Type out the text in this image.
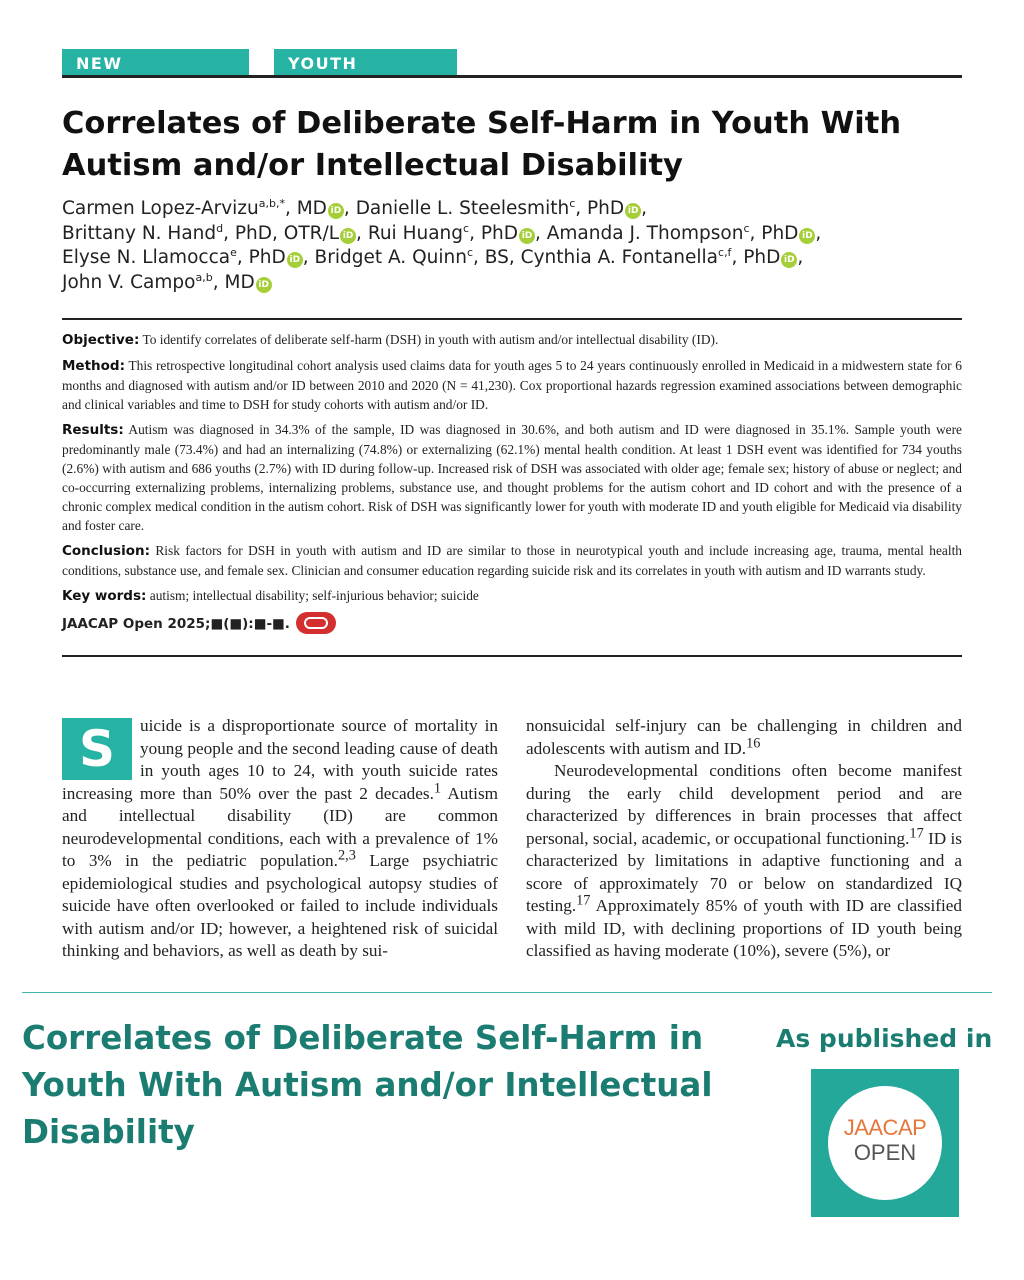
NEW RESEARCH
YOUTH SUICIDE
Correlates of Deliberate Self-Harm in Youth With Autism and/or Intellectual Disability
Carmen Lopez-Arvizu$^{a,b,*}$, MD iD , Danielle L. Steelesmith$^c$, PhD iD ,
Brittany N. Hand$^d$, PhD, OTR/L iD , Rui Huang$^c$, PhD iD , Amanda J. Thompson$^c$, PhD iD ,
Elyse N. Llamocca$^e$, PhD iD , Bridget A. Quinn$^c$, BS, Cynthia A. Fontanella$^{c,f}$, PhD iD ,
John V. Campo$^{a,b}$, MD iD

Objective: To identify correlates of deliberate self-harm (DSH) in youth with autism and/or intellectual disability (ID).

Method: This retrospective longitudinal cohort analysis used claims data for youth ages 5 to 24 years continuously enrolled in Medicaid in a midwestern state for 6 months and diagnosed with autism and/or ID between 2010 and 2020 (N = 41,230). Cox proportional hazards regression examined associations between demographic and clinical variables and time to DSH for study cohorts with autism and/or ID.

Results: Autism was diagnosed in 34.3% of the sample, ID was diagnosed in 30.6%, and both autism and ID were diagnosed in 35.1%. Sample youth were predominantly male (73.4%) and had an internalizing (74.8%) or externalizing (62.1%) mental health condition. At least 1 DSH event was identified for 734 youths (2.6%) with autism and 686 youths (2.7%) with ID during follow-up. Increased risk of DSH was associated with older age; female sex; history of abuse or neglect; and co-occurring externalizing problems, internalizing problems, substance use, and thought problems for the autism cohort and ID cohort and with the presence of a chronic complex medical condition in the autism cohort. Risk of DSH was significantly lower for youth with moderate ID and youth eligible for Medicaid via disability and foster care.

Conclusion: Risk factors for DSH in youth with autism and ID are similar to those in neurotypical youth and include increasing age, trauma, mental health conditions, substance use, and female sex. Clinician and consumer education regarding suicide risk and its correlates in youth with autism and ID warrants study.

Key words: autism; intellectual disability; self-injurious behavior; suicide

JAACAP Open 2025;■(■):■-■.

S	uicide is a disproportionate source of mortality in young people and the second leading cause of death in youth ages 10 to 24, with youth suicide rates increasing more than 50% over the past 2 decades.$^1$ Autism and intellectual disability (ID) are common neurodevelopmental conditions, each with a prevalence of 1% to 3% in the pediatric population.$^{2,3}$ Large psychiatric epidemiological studies and psychological autopsy studies of suicide have often overlooked or failed to include individuals with autism and/or ID; however, a heightened risk of suicidal thinking and behaviors, as well as death by sui-

nonsuicidal self-injury can be challenging in children and adolescents with autism and ID.$^{16}$

Neurodevelopmental conditions often become manifest during the early child development period and are characterized by differences in brain processes that affect personal, social, academic, or occupational functioning.$^{17}$ ID is characterized by limitations in adaptive functioning and a score of approximately 70 or below on standardized IQ testing.$^{17}$ Approximately 85% of youth with ID are classified with mild ID, with declining proportions of ID youth being classified as having moderate (10%), severe (5%), or

Correlates of Deliberate Self-Harm in Youth With Autism and/or Intellectual Disability
As published in
JAACAP
OPEN
